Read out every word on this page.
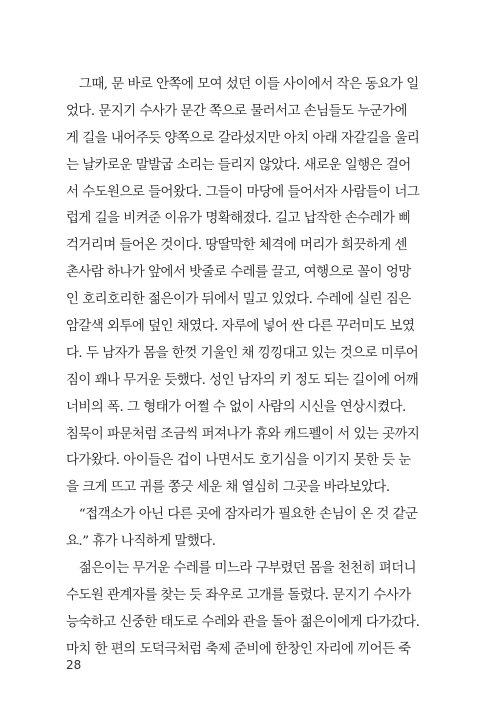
　그때, 문 바로 안쪽에 모여 섰던 이들 사이에서 작은 동요가 일
었다. 문지기 수사가 문간 쪽으로 물러서고 손님들도 누군가에
게 길을 내어주듯 양쪽으로 갈라섰지만 아치 아래 자갈길을 울리
는 날카로운 말발굽 소리는 들리지 않았다. 새로운 일행은 걸어
서 수도원으로 들어왔다. 그들이 마당에 들어서자 사람들이 너그
럽게 길을 비켜준 이유가 명확해졌다. 길고 납작한 손수레가 삐
걱거리며 들어온 것이다. 땅딸막한 체격에 머리가 희끗하게 센
촌사람 하나가 앞에서 밧줄로 수레를 끌고, 여행으로 꼴이 엉망
인 호리호리한 젊은이가 뒤에서 밀고 있었다. 수레에 실린 짐은
암갈색 외투에 덮인 채였다. 자루에 넣어 싼 다른 꾸러미도 보였
다. 두 남자가 몸을 한껏 기울인 채 낑낑대고 있는 것으로 미루어
짐이 꽤나 무거운 듯했다. 성인 남자의 키 정도 되는 길이에 어깨
너비의 폭. 그 형태가 어쩔 수 없이 사람의 시신을 연상시켰다.
침묵이 파문처럼 조금씩 퍼져나가 휴와 캐드펠이 서 있는 곳까지
다가왔다. 아이들은 겁이 나면서도 호기심을 이기지 못한 듯 눈
을 크게 뜨고 귀를 쫑긋 세운 채 열심히 그곳을 바라보았다.

　“접객소가 아닌 다른 곳에 잠자리가 필요한 손님이 온 것 같군
요.” 휴가 나직하게 말했다.

　젊은이는 무거운 수레를 미느라 구부렸던 몸을 천천히 펴더니
수도원 관계자를 찾는 듯 좌우로 고개를 돌렸다. 문지기 수사가
능숙하고 신중한 태도로 수레와 관을 돌아 젊은이에게 다가갔다.
마치 한 편의 도덕극처럼 축제 준비에 한창인 자리에 끼어든 죽

28
